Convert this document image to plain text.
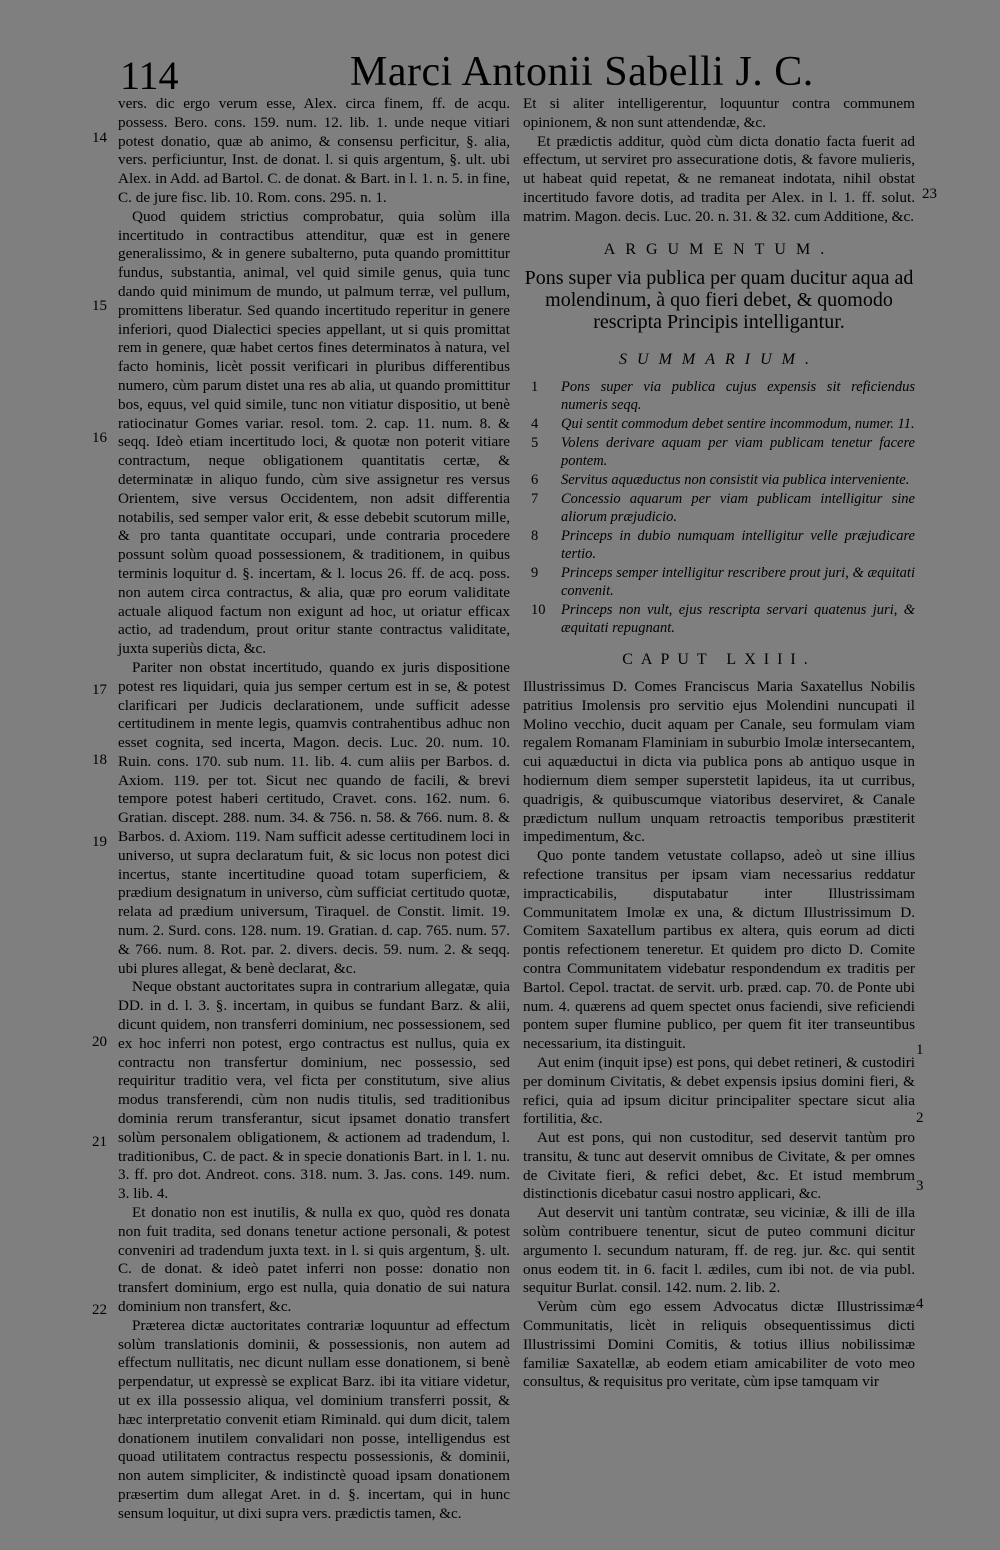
114	Marci Antonii Sabelli J. C.

vers. dic ergo verum esse, Alex. circa finem, ff. de acqu. possess. Bero. cons. 159. num. 12. lib. 1. unde neque vitiari potest donatio, quæ ab animo, & consensu perficitur, §. alia, vers. perficiuntur, Inst. de donat. l. si quis argentum, §. ult. ubi Alex. in Add. ad Bartol. C. de donat. & Bart. in l. 1. n. 5. in fine, C. de jure fisc. lib. 10. Rom. cons. 295. n. 1.

Quod quidem strictius comprobatur, quia solùm illa incertitudo in contractibus attenditur, quæ est in genere generalissimo, & in genere subalterno, puta quando promittitur fundus, substantia, animal, vel quid simile genus, quia tunc dando quid minimum de mundo, ut palmum terræ, vel pullum, promittens liberatur. Sed quando incertitudo reperitur in genere inferiori, quod Dialectici species appellant, ut si quis promittat rem in genere, quæ habet certos fines determinatos à natura, vel facto hominis, licèt possit verificari in pluribus differentibus numero, cùm parum distet una res ab alia, ut quando promittitur bos, equus, vel quid simile, tunc non vitiatur dispositio, ut benè ratiocinatur Gomes variar. resol. tom. 2. cap. 11. num. 8. & seqq. Ideò etiam incertitudo loci, & quotæ non poterit vitiare contractum, neque obligationem quantitatis certæ, & determinatæ in aliquo fundo, cùm sive assignetur res versus Orientem, sive versus Occidentem, non adsit differentia notabilis, sed semper valor erit, & esse debebit scutorum mille, & pro tanta quantitate occupari, unde contraria procedere possunt solùm quoad possessionem, & traditionem, in quibus terminis loquitur d. §. incertam, & l. locus 26. ff. de acq. poss. non autem circa contractus, & alia, quæ pro eorum validitate actuale aliquod factum non exigunt ad hoc, ut oriatur efficax actio, ad tradendum, prout oritur stante contractus validitate, juxta superiùs dicta, &c.

Pariter non obstat incertitudo, quando ex juris dispositione potest res liquidari, quia jus semper certum est in se, & potest clarificari per Judicis declarationem, unde sufficit adesse certitudinem in mente legis, quamvis contrahentibus adhuc non esset cognita, sed incerta, Magon. decis. Luc. 20. num. 10. Ruin. cons. 170. sub num. 11. lib. 4. cum aliis per Barbos. d. Axiom. 119. per tot. Sicut nec quando de facili, & brevi tempore potest haberi certitudo, Cravet. cons. 162. num. 6. Gratian. discept. 288. num. 34. & 756. n. 58. & 766. num. 8. & Barbos. d. Axiom. 119. Nam sufficit adesse certitudinem loci in universo, ut supra declaratum fuit, & sic locus non potest dici incertus, stante incertitudine quoad totam superficiem, & prædium designatum in universo, cùm sufficiat certitudo quotæ, relata ad prædium universum, Tiraquel. de Constit. limit. 19. num. 2. Surd. cons. 128. num. 19. Gratian. d. cap. 765. num. 57. & 766. num. 8. Rot. par. 2. divers. decis. 59. num. 2. & seqq. ubi plures allegat, & benè declarat, &c.

Neque obstant auctoritates supra in contrarium allegatæ, quia DD. in d. l. 3. §. incertam, in quibus se fundant Barz. & alii, dicunt quidem, non transferri dominium, nec possessionem, sed ex hoc inferri non potest, ergo contractus est nullus, quia ex contractu non transfertur dominium, nec possessio, sed requiritur traditio vera, vel ficta per constitutum, sive alius modus transferendi, cùm non nudis titulis, sed traditionibus dominia rerum transferantur, sicut ipsamet donatio transfert solùm personalem obligationem, & actionem ad tradendum, l. traditionibus, C. de pact. & in specie donationis Bart. in l. 1. nu. 3. ff. pro dot. Andreot. cons. 318. num. 3. Jas. cons. 149. num. 3. lib. 4.

Et donatio non est inutilis, & nulla ex quo, quòd res donata non fuit tradita, sed donans tenetur actione personali, & potest conveniri ad tradendum juxta text. in l. si quis argentum, §. ult. C. de donat. & ideò patet inferri non posse: donatio non transfert dominium, ergo est nulla, quia donatio de sui natura dominium non transfert, &c.

Præterea dictæ auctoritates contrariæ loquuntur ad effectum solùm translationis dominii, & possessionis, non autem ad effectum nullitatis, nec dicunt nullam esse donationem, si benè perpendatur, ut expressè se explicat Barz. ibi ita vitiare videtur, ut ex illa possessio aliqua, vel dominium transferri possit, & hæc interpretatio convenit etiam Riminald. qui dum dicit, talem donationem inutilem convalidari non posse, intelligendus est quoad utilitatem contractus respectu possessionis, & dominii, non autem simpliciter, & indistinctè quoad ipsam donationem præsertim dum allegat Aret. in d. §. incertam, qui in hunc sensum loquitur, ut dixi supra vers. prædictis tamen, &c.

14
15
16
17
18
19
20
21
22

Et si aliter intelligerentur, loquuntur contra communem opinionem, & non sunt attendendæ, &c.

Et prædictis additur, quòd cùm dicta donatio facta fuerit ad effectum, ut serviret pro assecuratione dotis, & favore mulieris, ut habeat quid repetat, & ne remaneat indotata, nihil obstat incertitudo favore dotis, ad tradita per Alex. in l. 1. ff. solut. matrim. Magon. decis. Luc. 20. n. 31. & 32. cum Additione, &c.

ARGUMENTUM.
Pons super via publica per quam ducitur aqua ad molendinum, à quo fieri debet, & quomodo rescripta Principis intelligantur.
SUMMARIUM.
1 Pons super via publica cujus expensis sit reficiendus numeris seqq.
4 Qui sentit commodum debet sentire incommodum, numer. 11.
5 Volens derivare aquam per viam publicam tenetur facere pontem.
6 Servitus aquæductus non consistit via publica interveniente.
7 Concessio aquarum per viam publicam intelligitur sine aliorum præjudicio.
8 Princeps in dubio numquam intelligitur velle præjudicare tertio.
9 Princeps semper intelligitur rescribere prout juri, & æquitati convenit.
10 Princeps non vult, ejus rescripta servari quatenus juri, & æquitati repugnant.
CAPUT LXIII.

Illustrissimus D. Comes Franciscus Maria Saxatellus Nobilis patritius Imolensis pro servitio ejus Molendini nuncupati il Molino vecchio, ducit aquam per Canale, seu formulam viam regalem Romanam Flaminiam in suburbio Imolæ intersecantem, cui aquæductui in dicta via publica pons ab antiquo usque in hodiernum diem semper superstetit lapideus, ita ut curribus, quadrigis, & quibuscumque viatoribus deserviret, & Canale prædictum nullum unquam retroactis temporibus præstiterit impedimentum, &c.

Quo ponte tandem vetustate collapso, adeò ut sine illius refectione transitus per ipsam viam necessarius reddatur impracticabilis, disputabatur inter Illustrissimam Communitatem Imolæ ex una, & dictum Illustrissimum D. Comitem Saxatellum partibus ex altera, quis eorum ad dicti pontis refectionem teneretur. Et quidem pro dicto D. Comite contra Communitatem videbatur respondendum ex traditis per Bartol. Cepol. tractat. de servit. urb. præd. cap. 70. de Ponte ubi num. 4. quærens ad quem spectet onus faciendi, sive reficiendi pontem super flumine publico, per quem fit iter transeuntibus necessarium, ita distinguit.

Aut enim (inquit ipse) est pons, qui debet retineri, & custodiri per dominum Civitatis, & debet expensis ipsius domini fieri, & refici, quia ad ipsum dicitur principaliter spectare sicut alia fortilitia, &c.

Aut est pons, qui non custoditur, sed deservit tantùm pro transitu, & tunc aut deservit omnibus de Civitate, & per omnes de Civitate fieri, & refici debet, &c. Et istud membrum distinctionis dicebatur casui nostro applicari, &c.

Aut deservit uni tantùm contratæ, seu viciniæ, & illi de illa solùm contribuere tenentur, sicut de puteo communi dicitur argumento l. secundum naturam, ff. de reg. jur. &c. qui sentit onus eodem tit. in 6. facit l. ædiles, cum ibi not. de via publ. sequitur Burlat. consil. 142. num. 2. lib. 2.

Verùm cùm ego essem Advocatus dictæ Illustrissimæ Communitatis, licèt in reliquis obsequentissimus dicti Illustrissimi Domini Comitis, & totius illius nobilissimæ familiæ Saxatellæ, ab eodem etiam amicabiliter de voto meo consultus, & requisitus pro veritate, cùm ipse tamquam vir

23
1
2
3
4
